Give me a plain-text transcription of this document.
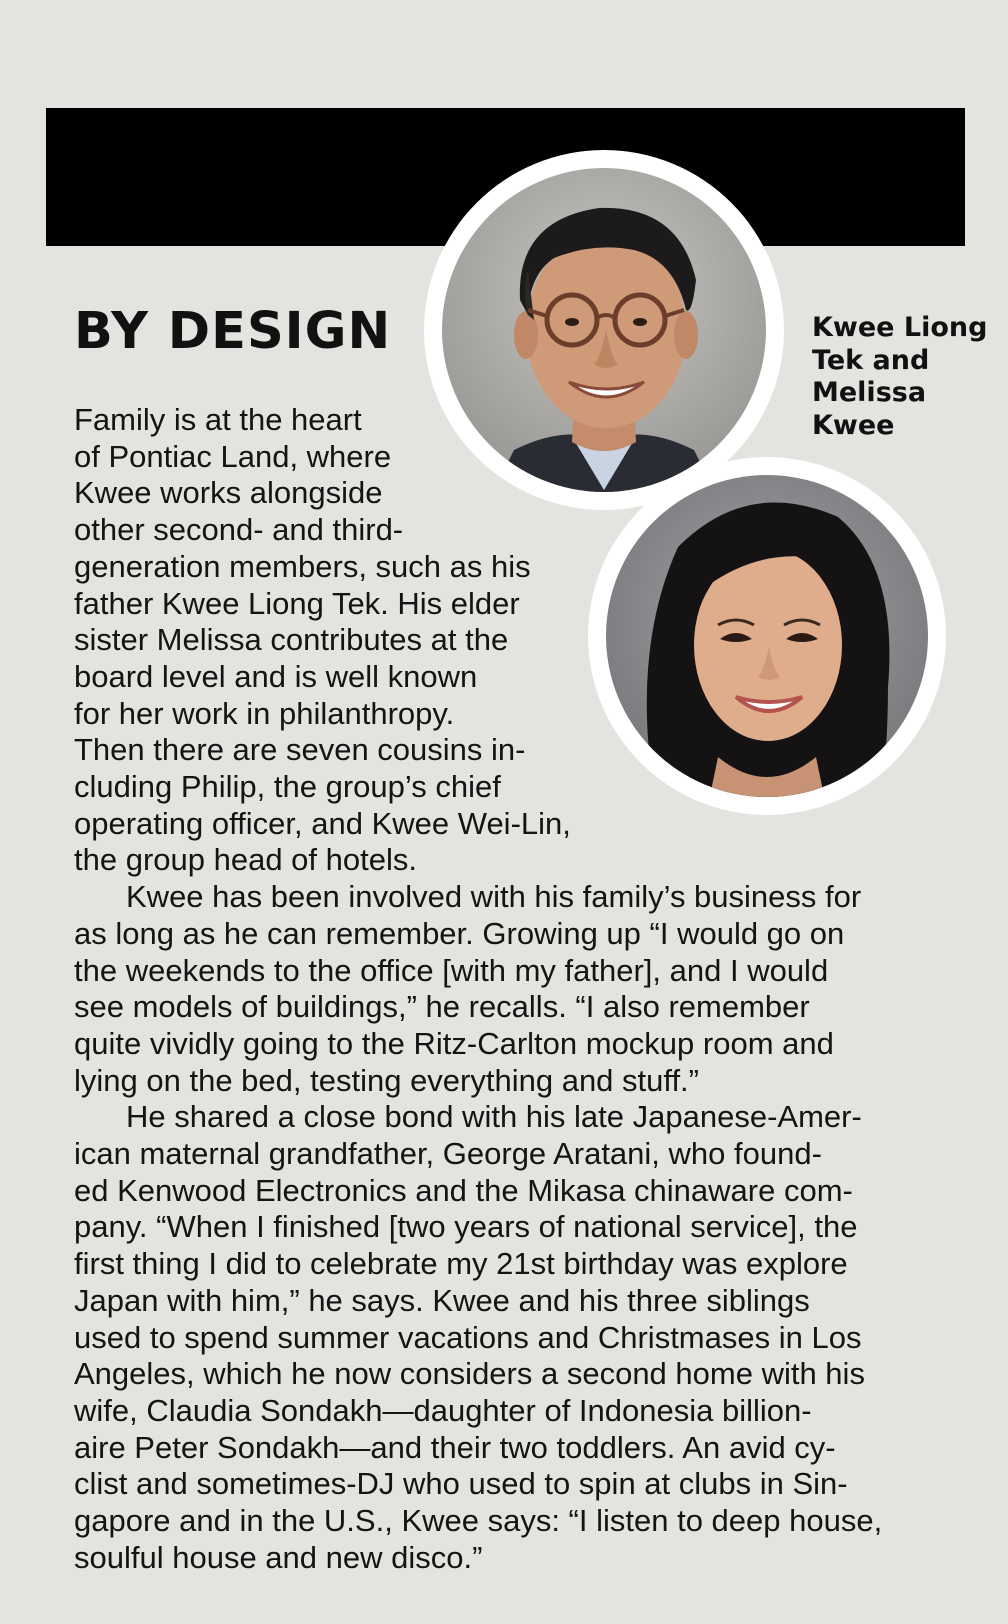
BY DESIGN	Kwee Liong
Tek and
Melissa
Kwee
Family is at the heart
of Pontiac Land, where
Kwee works alongside
other second- and third-
generation members, such as his
father Kwee Liong Tek. His elder
sister Melissa contributes at the
board level and is well known
for her work in philanthropy.
Then there are seven cousins in-
cluding Philip, the group’s chief
operating officer, and Kwee Wei-Lin,
the group head of hotels.
Kwee has been involved with his family’s business for
as long as he can remember. Growing up “I would go on
the weekends to the office [with my father], and I would
see models of buildings,” he recalls. “I also remember
quite vividly going to the Ritz-Carlton mockup room and
lying on the bed, testing everything and stuff.”
He shared a close bond with his late Japanese-Amer-
ican maternal grandfather, George Aratani, who found-
ed Kenwood Electronics and the Mikasa chinaware com-
pany. “When I finished [two years of national service], the
first thing I did to celebrate my 21st birthday was explore
Japan with him,” he says. Kwee and his three siblings
used to spend summer vacations and Christmases in Los
Angeles, which he now considers a second home with his
wife, Claudia Sondakh—daughter of Indonesia billion-
aire Peter Sondakh—and their two toddlers. An avid cy-
clist and sometimes-DJ who used to spin at clubs in Sin-
gapore and in the U.S., Kwee says: “I listen to deep house,
soulful house and new disco.”
